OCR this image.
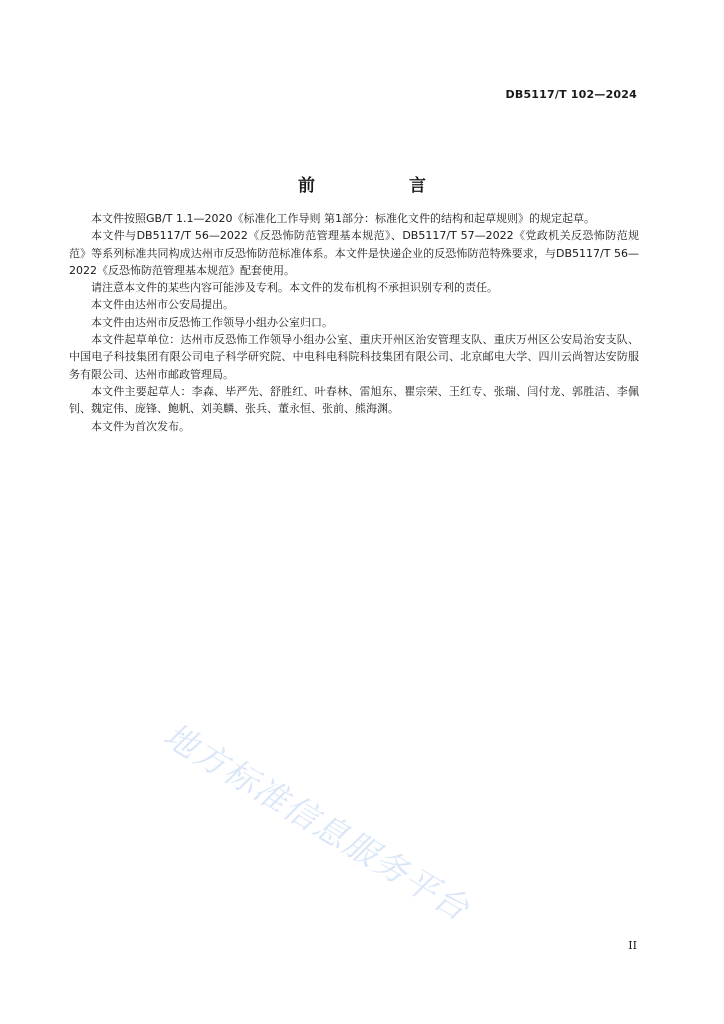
DB5117/T 102—2024
前 言

本文件按照GB/T 1.1—2020《标准化工作导则 第1部分：标准化文件的结构和起草规则》的规定起草。

本文件与DB5117/T 56—2022《反恐怖防范管理基本规范》、DB5117/T 57—2022《党政机关反恐怖防范规范》等系列标准共同构成达州市反恐怖防范标准体系。本文件是快递企业的反恐怖防范特殊要求，与DB5117/T 56—2022《反恐怖防范管理基本规范》配套使用。

请注意本文件的某些内容可能涉及专利。本文件的发布机构不承担识别专利的责任。

本文件由达州市公安局提出。

本文件由达州市反恐怖工作领导小组办公室归口。

本文件起草单位：达州市反恐怖工作领导小组办公室、重庆开州区治安管理支队、重庆万州区公安局治安支队、中国电子科技集团有限公司电子科学研究院、中电科电科院科技集团有限公司、北京邮电大学、四川云尚智达安防服务有限公司、达州市邮政管理局。

本文件主要起草人：李森、毕严先、舒胜红、叶春林、雷旭东、瞿宗荣、王红专、张瑞、闫付龙、郭胜洁、李佩钊、魏定伟、庞锋、鲍帆、刘美麟、张兵、董永恒、张前、熊海渊。

本文件为首次发布。

地方标准信息服务平台
II
